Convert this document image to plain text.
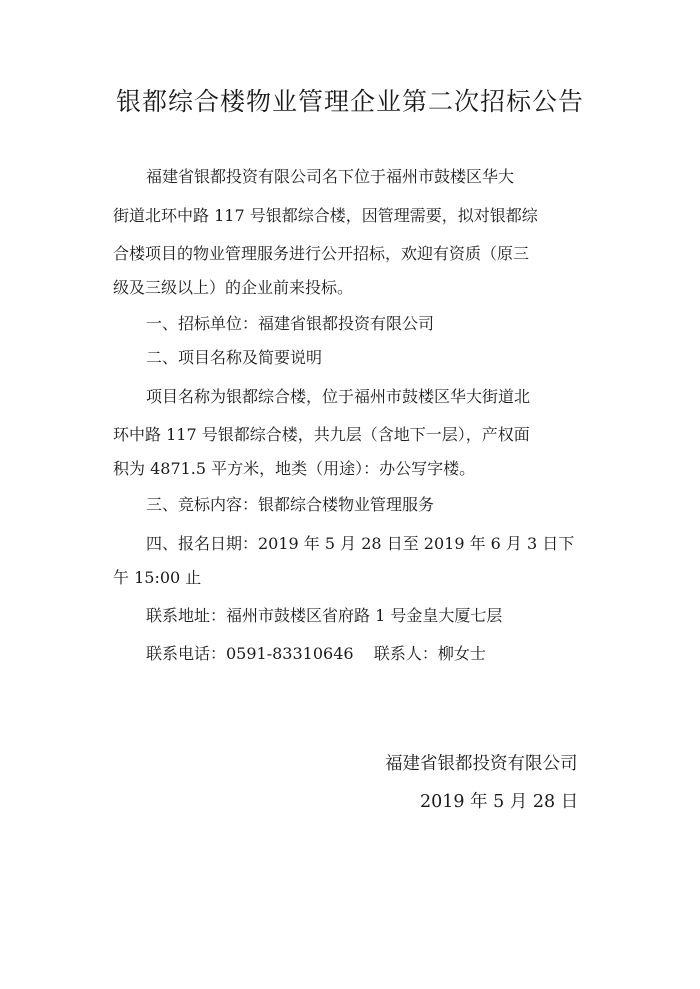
银都综合楼物业管理企业第二次招标公告
福建省银都投资有限公司名下位于福州市鼓楼区华大
街道北环中路 117 号银都综合楼，因管理需要，拟对银都综
合楼项目的物业管理服务进行公开招标，欢迎有资质（原三
级及三级以上）的企业前来投标。
一、招标单位：福建省银都投资有限公司
二、项目名称及简要说明
项目名称为银都综合楼，位于福州市鼓楼区华大街道北
环中路 117 号银都综合楼，共九层（含地下一层），产权面
积为 4871.5 平方米，地类（用途）：办公写字楼。
三、竞标内容：银都综合楼物业管理服务
四、报名日期：2019 年 5 月 28 日至 2019 年 6 月 3 日下
午 15:00 止
联系地址：福州市鼓楼区省府路 1 号金皇大厦七层
联系电话：0591-83310646    联系人：柳女士
福建省银都投资有限公司
2019 年 5 月 28 日
